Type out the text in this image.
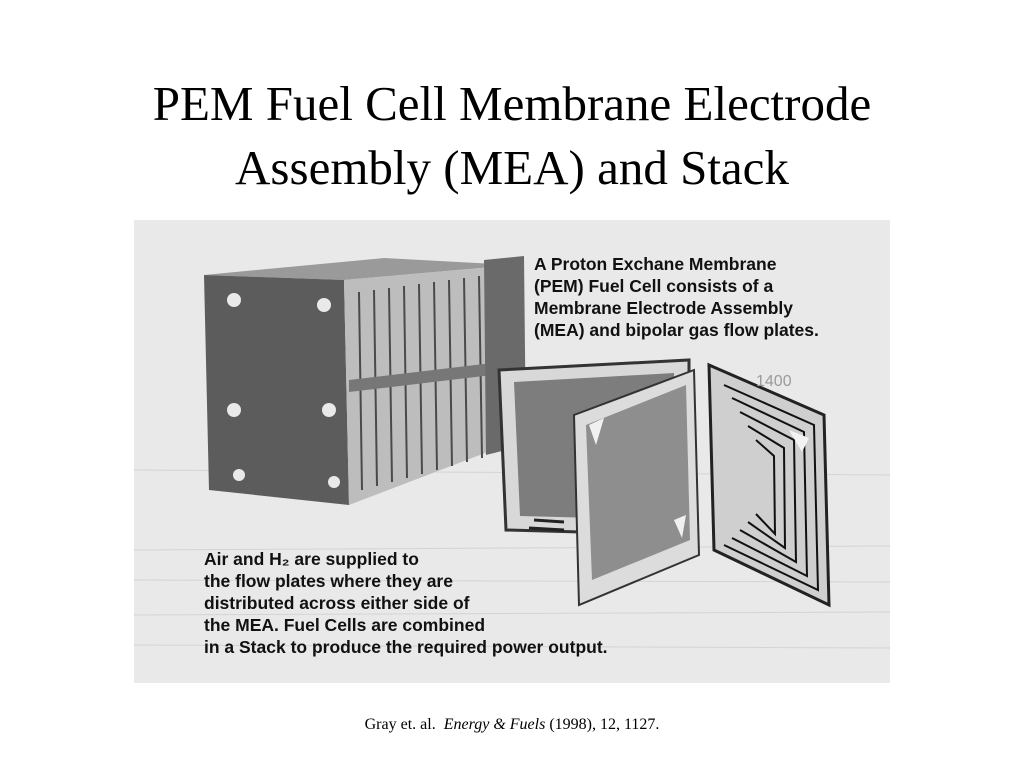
PEM Fuel Cell Membrane Electrode
Assembly (MEA) and Stack
1400
A Proton Exchane Membrane
(PEM) Fuel Cell consists of a
Membrane Electrode Assembly
(MEA) and bipolar gas flow plates.
Air and H₂ are supplied to
the flow plates where they are
distributed across either side of
the MEA. Fuel Cells are combined
in a Stack to produce the required power output.
Gray et. al. Energy & Fuels (1998), 12, 1127.
